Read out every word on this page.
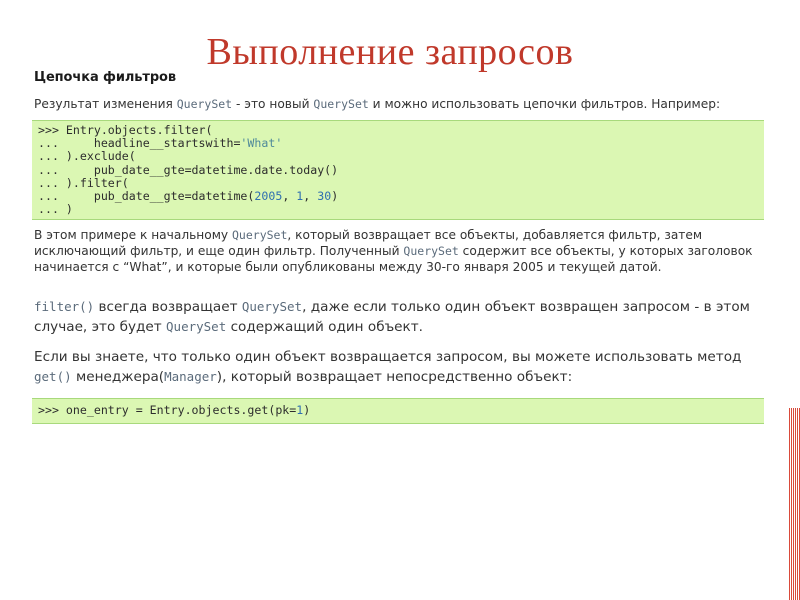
Выполнение запросов
Цепочка фильтров

Результат изменения QuerySet - это новый QuerySet и можно использовать цепочки фильтров. Например:

>>> Entry.objects.filter(
...     headline__startswith='What'
... ).exclude(
...     pub_date__gte=datetime.date.today()
... ).filter(
...     pub_date__gte=datetime(2005, 1, 30)
... )

В этом примере к начальному QuerySet, который возвращает все объекты, добавляется фильтр, затем исключающий фильтр, и еще один фильтр. Полученный QuerySet содержит все объекты, у которых заголовок начинается с “What”, и которые были опубликованы между 30-го января 2005 и текущей датой.

filter() всегда возвращает QuerySet, даже если только один объект возвращен запросом - в этом случае, это будет QuerySet содержащий один объект.

Если вы знаете, что только один объект возвращается запросом, вы можете использовать метод get() менеджера(Manager), который возвращает непосредственно объект:

>>> one_entry = Entry.objects.get(pk=1)
